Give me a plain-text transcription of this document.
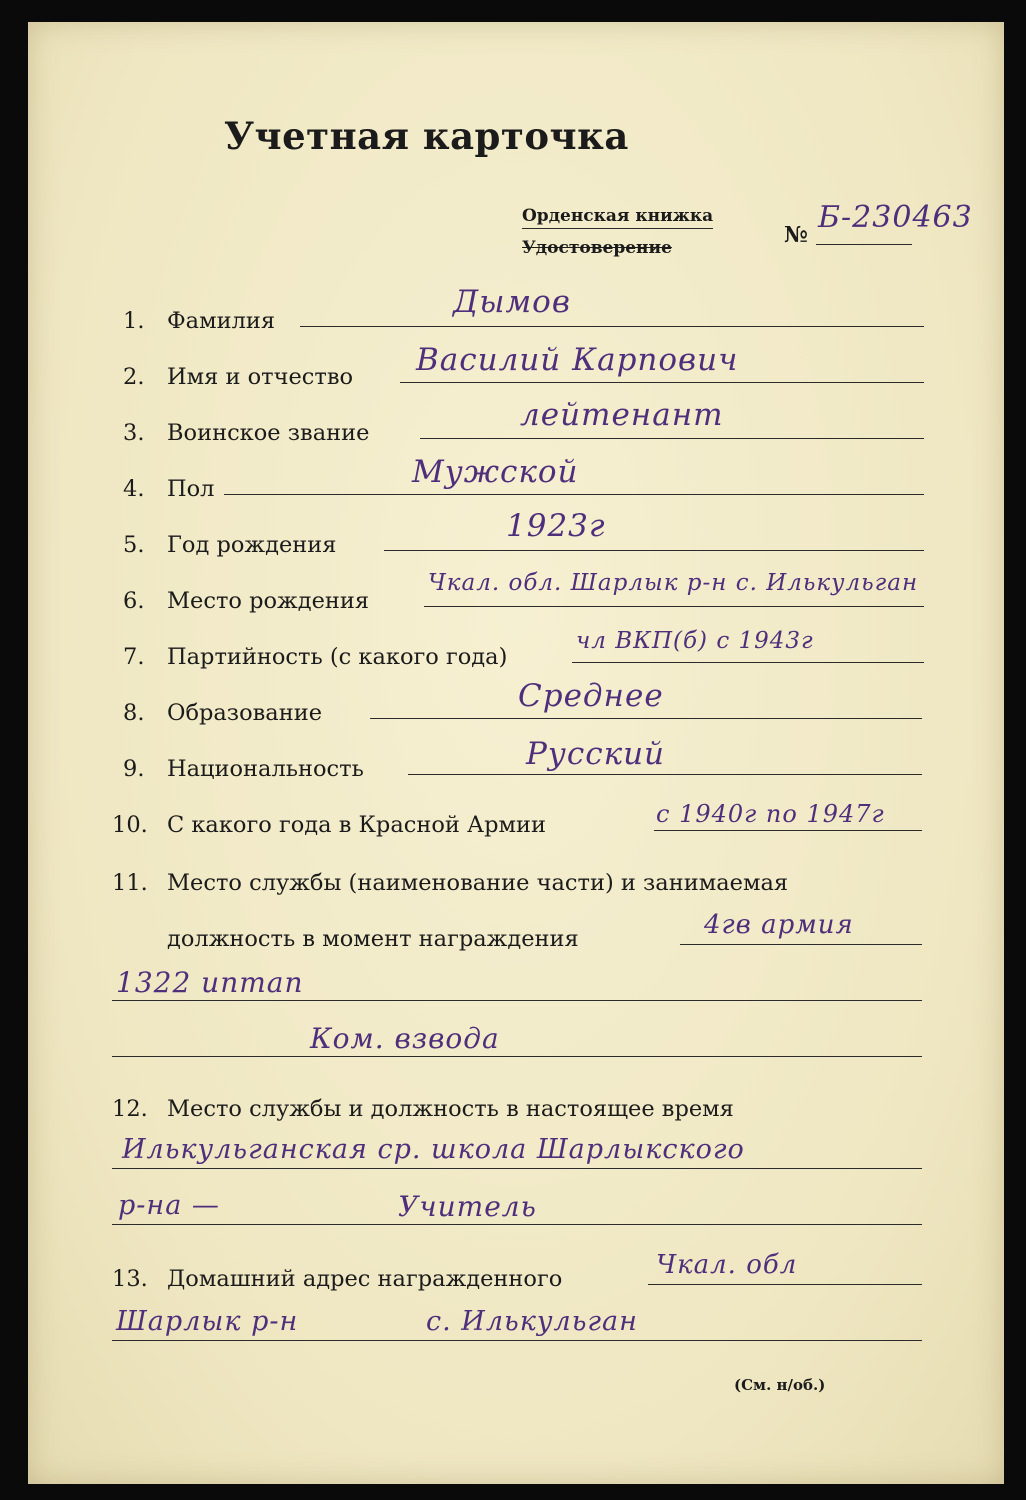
Учетная карточка
Орденская книжка
Удостоверение	№ Б-230463
1. Фамилия
Дымов
2. Имя и отчество Василий Карпович
3. Воинское звание	лейтенант
4. Пол	Мужской
5. Год рождения
1923г
6. Место рождения
Чкал. обл. Шарлык р-н с. Илькульган
7. Партийность (с какого года)
чл ВКП(б) с 1943г
8. Образование	Среднее
9. Национальность	Русский
10. С какого года в Красной Армии	с 1940г по 1947г
11. Место службы (наименование части) и занимаемая
должность в момент награждения	4гв армия
1322 иптап
Ком. взвода
12. Место службы и должность в настоящее время
Илькульганская ср. школа Шарлыкского
р-на —	Учитель
13. Домашний адрес награжденного	Чкал. обл
Шарлык р-н	с. Илькульган
(См. н/об.)
